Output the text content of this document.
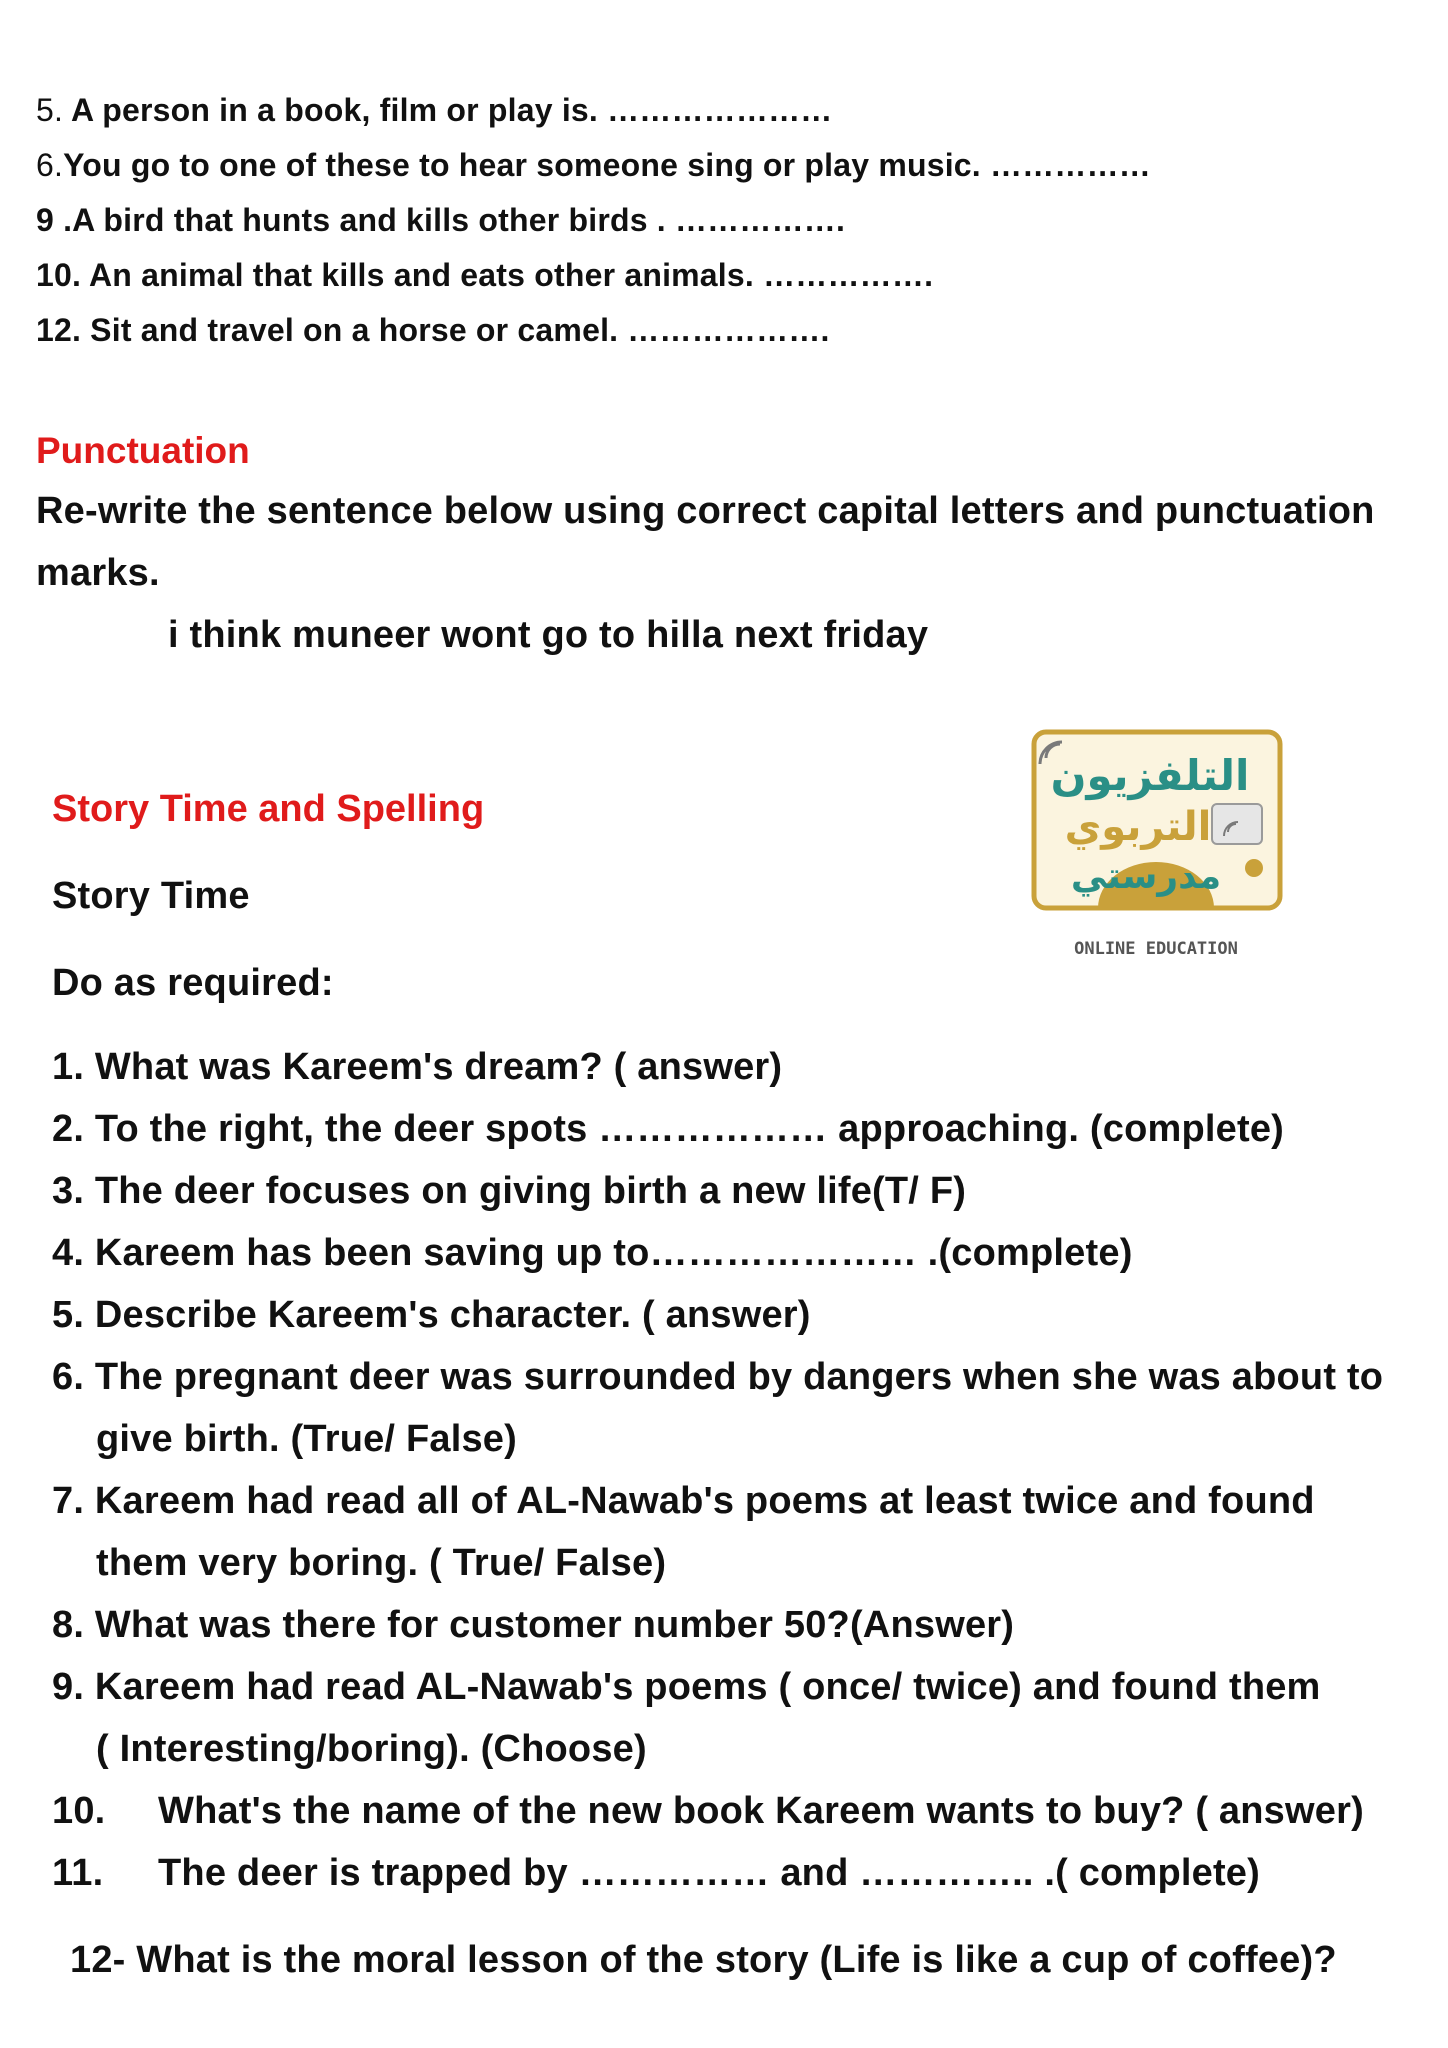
5. A person in a book, film or play is. …………………
6.You go to one of these to hear someone sing or play music. ……………
9 .A bird that hunts and kills other birds . …………….
10. An animal that kills and eats other animals. …………….
12. Sit and travel on a horse or camel. ……………….
Punctuation
Re-write the sentence below using correct capital letters and punctuation
marks.
i think muneer wont go to hilla next friday
Story Time and Spelling
Story Time
Do as required:
التلفزيون
التربوي
مدرستي
ONLINE EDUCATION
1. What was Kareem's dream? ( answer)
2. To the right, the deer spots ……………… approaching. (complete)
3. The deer focuses on giving birth a new life(T/ F)
4. Kareem has been saving up to………………… .(complete)
5. Describe Kareem's character. ( answer)
6. The pregnant deer was surrounded by dangers when she was about to
give birth. (True/ False)
7. Kareem had read all of AL-Nawab's poems at least twice and found
them very boring. ( True/ False)
8. What was there for customer number 50?(Answer)
9. Kareem had read AL-Nawab's poems ( once/ twice) and found them
( Interesting/boring). (Choose)
10. What's the name of the new book Kareem wants to buy? ( answer)
11. The deer is trapped by …………… and ………….. .( complete)
12- What is the moral lesson of the story (Life is like a cup of coffee)?
